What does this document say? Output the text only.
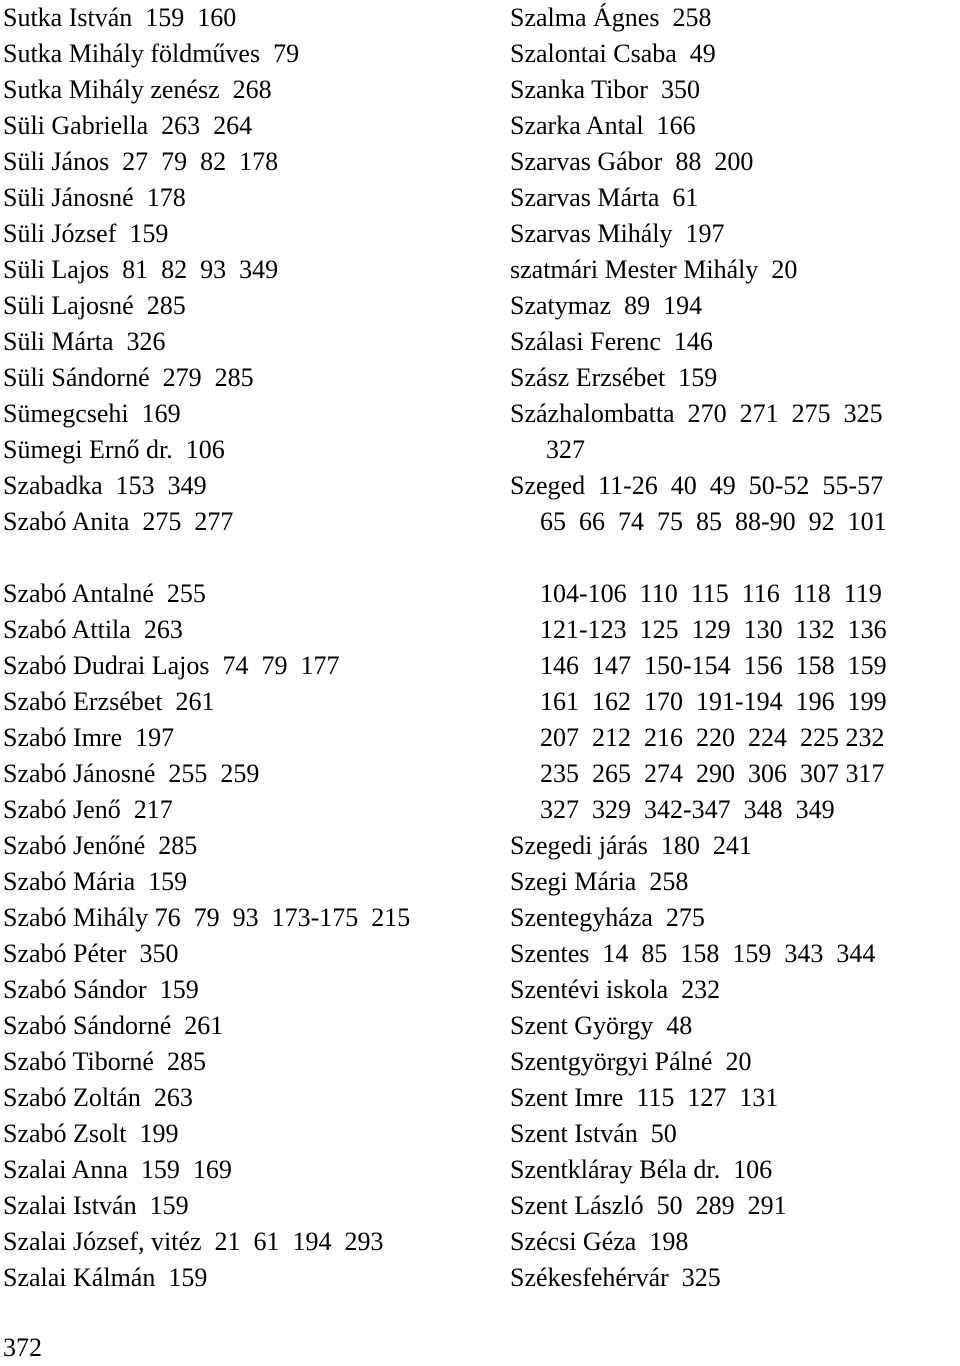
Sutka István  159  160
Sutka Mihály földműves  79
Sutka Mihály zenész  268
Süli Gabriella  263  264
Süli János  27  79  82  178
Süli Jánosné  178
Süli József  159
Süli Lajos  81  82  93  349
Süli Lajosné  285
Süli Márta  326
Süli Sándorné  279  285
Sümegcsehi  169
Sümegi Ernő dr.  106
Szabadka  153  349
Szabó Anita  275  277
Szabó Antalné  255
Szabó Attila  263
Szabó Dudrai Lajos  74  79  177
Szabó Erzsébet  261
Szabó Imre  197
Szabó Jánosné  255  259
Szabó Jenő  217
Szabó Jenőné  285
Szabó Mária  159
Szabó Mihály 76  79  93  173-175  215
Szabó Péter  350
Szabó Sándor  159
Szabó Sándorné  261
Szabó Tiborné  285
Szabó Zoltán  263
Szabó Zsolt  199
Szalai Anna  159  169
Szalai István  159
Szalai József, vitéz  21  61  194  293
Szalai Kálmán  159
Szalma Ágnes  258
Szalontai Csaba  49
Szanka Tibor  350
Szarka Antal  166
Szarvas Gábor  88  200
Szarvas Márta  61
Szarvas Mihály  197
szatmári Mester Mihály  20
Szatymaz  89  194
Szálasi Ferenc  146
Szász Erzsébet  159
Százhalombatta  270  271  275  325
327
Szeged  11-26  40  49  50-52  55-57
65  66  74  75  85  88-90  92  101
104-106  110  115  116  118  119
121-123  125  129  130  132  136
146  147  150-154  156  158  159
161  162  170  191-194  196  199
207  212  216  220  224  225 232
235  265  274  290  306  307 317
327  329  342-347  348  349
Szegedi járás  180  241
Szegi Mária  258
Szentegyháza  275
Szentes  14  85  158  159  343  344
Szentévi iskola  232
Szent György  48
Szentgyörgyi Pálné  20
Szent Imre  115  127  131
Szent István  50
Szentkláray Béla dr.  106
Szent László  50  289  291
Szécsi Géza  198
Székesfehérvár  325
372
